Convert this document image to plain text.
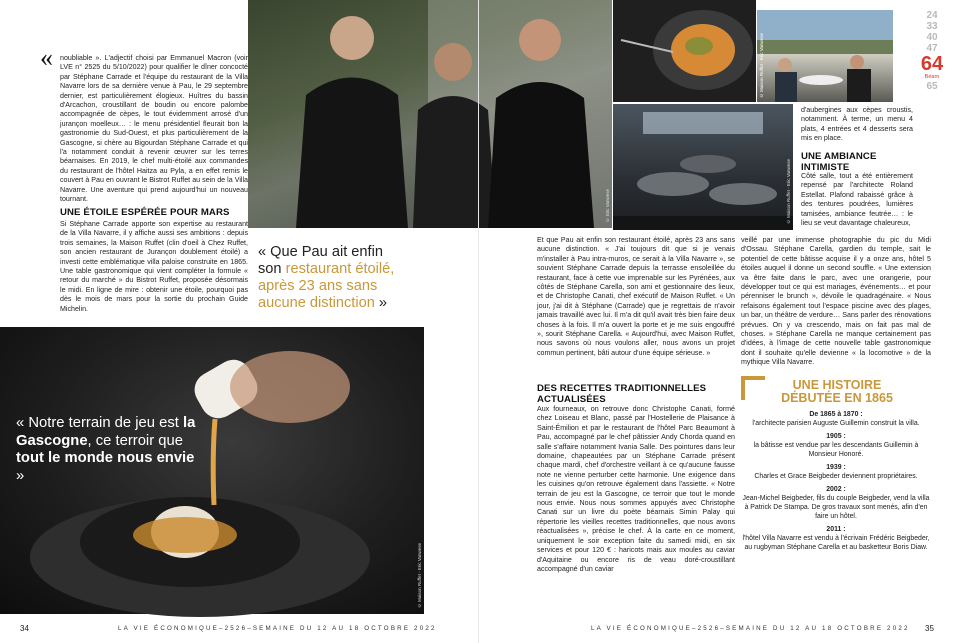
« noubliable ». L'adjectif choisi par Emmanuel Macron (voir LVE n° 2525 du 5/10/2022) pour qualifier le dîner concocté par Stéphane Carrade et l'équipe du restaurant de la Villa Navarre lors de sa dernière venue à Pau, le 29 septembre dernier, est particulièrement élogieux. Huîtres du bassin d'Arcachon, croustillant de boudin ou encore palombe accompagnée de cèpes, le tout évidemment arrosé d'un jurançon moelleux… : le menu présidentiel fleurait bon la gastronomie du Sud-Ouest, et plus particulièrement de la Gascogne, si chère au Bigourdan Stéphane Carrade et qui l'a notamment conduit à revenir œuvrer sur les terres béarnaises. En 2019, le chef multi-étoilé aux commandes du restaurant de l'hôtel Haitza au Pyla, a en effet remis le couvert à Pau en ouvrant le Bistrot Ruffet au sein de la Villa Navarre. Une aventure qui prend aujourd'hui un nouveau tournant.
UNE ÉTOILE ESPÉRÉE POUR MARS
Si Stéphane Carrade apporte son expertise au restaurant de la Villa Navarre, il y affiche aussi ses ambitions : depuis trois semaines, la Maison Ruffet (clin d'oeil à Chez Ruffet, son ancien restaurant de Jurançon doublement étoilé) a investi cette emblématique villa paloise construite en 1865. Une table gastronomique qui vient compléter la formule « retour du marché » du Bistrot Ruffet, proposée désormais le midi. En ligne de mire : obtenir une étoile, pourquoi pas dès le mois de mars pour la sortie du prochain Guide Michelin.
© Eric Vanwese
« Que Pau ait enfin son restaurant étoilé, après 23 ans sans aucune distinction »
« Notre terrain de jeu est la Gascogne, ce terroir que tout le monde nous envie »
© Maison Ruffet - Eric Vanwese
34	LA VIE ÉCONOMIQUE–2526–SEMAINE DU 12 AU 18 OCTOBRE 2022
© Maison Ruffet - Eric Vanwese
24
33
40
47
64
Béarn
65
© Maison Ruffet - Eric Vanwese
d'aubergines aux cèpes croustis, notamment. À terme, un menu 4 plats, 4 entrées et 4 desserts sera mis en place.
UNE AMBIANCE INTIMISTE
Côté salle, tout a été entièrement repensé par l'architecte Roland Estellat. Plafond rabaissé grâce à des tentures poudrées, lumières tamisées, ambiance feutrée… : le lieu se veut davantage chaleureux,
Et que Pau ait enfin son restaurant étoilé, après 23 ans sans aucune distinction. « J'ai toujours dit que si je venais m'installer à Pau intra-muros, ce serait à la Villa Navarre », se souvient Stéphane Carrade depuis la terrasse ensoleillée du restaurant, face à cette vue imprenable sur les Pyrénées, aux côtés de Stéphane Carella, son ami et gestionnaire des lieux, et de Christophe Canati, chef exécutif de Maison Ruffet. « Un jour, j'ai dit à Stéphane (Carrade) que je regrettais de n'avoir jamais travaillé avec lui. Il m'a dit qu'il avait très bien faire deux choses à la fois. Il m'a ouvert la porte et je me suis engouffré », sourit Stéphane Carella. « Aujourd'hui, avec Maison Ruffet, nous savons où nous voulons aller, nous avons un projet commun pertinent, bâti autour d'une équipe sérieuse. »
DES RECETTES TRADITIONNELLES ACTUALISÉES
Aux fourneaux, on retrouve donc Christophe Canati, formé chez Loiseau et Blanc, passé par l'Hostellerie de Plaisance à Saint-Émilion et par le restaurant de l'hôtel Parc Beaumont à Pau, accompagné par le chef pâtissier Andy Chorda quand en salle s'affaire notamment Ivania Salle. Des pointures dans leur domaine, chapeautées par un Stéphane Carrade présent chaque mardi, chef d'orchestre veillant à ce qu'aucune fausse note ne vienne perturber cette harmonie. Une exigence dans les cuisines qu'on retrouve également dans l'assiette. « Notre terrain de jeu est la Gascogne, ce terroir que tout le monde nous envie. Nous nous sommes appuyés avec Christophe Canati sur un livre du poète béarnais Simin Palay qui répertorie les vieilles recettes traditionnelles, que nous avons réactualisées », précise le chef. À la carte en ce moment, uniquement le soir exception faite du samedi midi, en six services et pour 120 € : haricots mais aux moules au caviar d'Aquitaine ou encore ris de veau doré-croustillant accompagné d'un caviar
veillé par une immense photographie du pic du Midi d'Ossau. Stéphane Carella, gardien du temple, sait le potentiel de cette bâtisse acquise il y a onze ans, hôtel 5 étoiles auquel il donne un second souffle. « Une extension va être faite dans le parc, avec une orangerie, pour développer tout ce qui est mariages, événements… et pour pérenniser le brunch », dévoile le quadragénaire. « Nous refaisons également tout l'espace piscine avec des plages, un bar, un théâtre de verdure… Sans parler des rénovations prévues. On y va crescendo, mais on fait pas mal de choses. » Stéphane Carella ne manque certainement pas d'idées, à l'image de cette nouvelle table gastronomique dont il souhaite qu'elle devienne « la locomotive » de la mythique Villa Navarre.
UNE HISTOIRE
DÉBUTÉE EN 1865
De 1865 à 1870 :
l'architecte parisien Auguste Guillemin construit la villa.
1905 :
la bâtisse est vendue par les descendants Guillemin à Monsieur Honoré.
1939 :
Charles et Grace Beigbeder deviennent propriétaires.
2002 :
Jean-Michel Beigbeder, fils du couple Beigbeder, vend la villa à Patrick De Stampa. De gros travaux sont menés, afin d'en faire un hôtel.
2011 :
l'hôtel Villa Navarre est vendu à l'écrivain Frédéric Beigbeder, au rugbyman Stéphane Carella et au basketteur Boris Diaw.
LA VIE ÉCONOMIQUE–2526–SEMAINE DU 12 AU 18 OCTOBRE 2022 35
